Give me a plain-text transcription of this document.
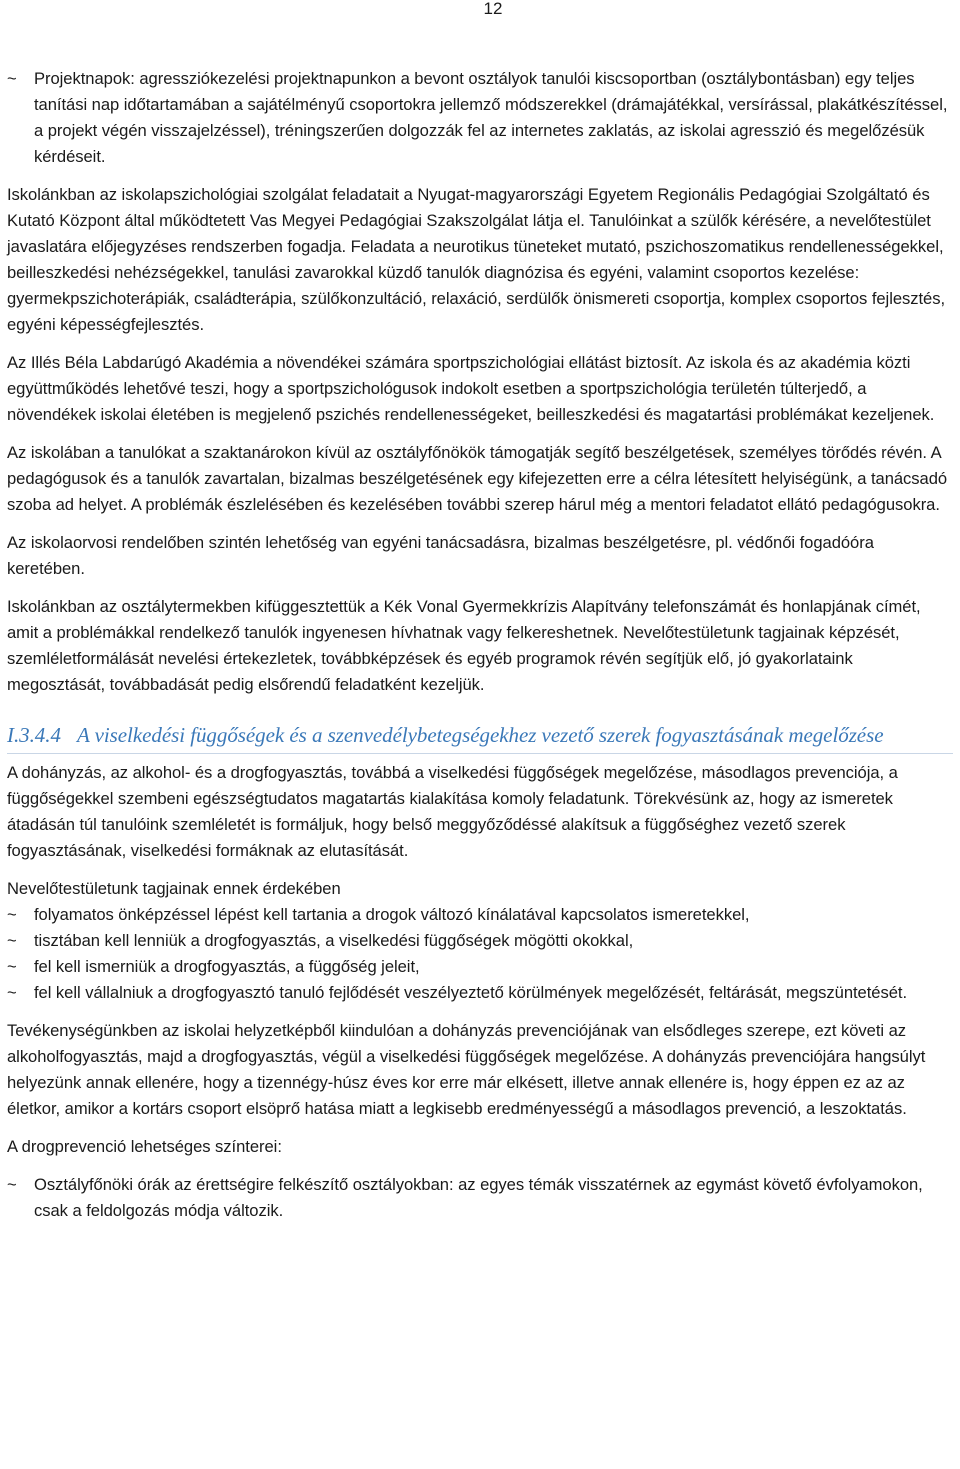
12

~ Projektnapok: agressziókezelési projektnapunkon a bevont osztályok tanulói kiscsoportban (osztálybontásban) egy teljes tanítási nap időtartamában a sajátélményű csoportokra jellemző módszerekkel (drámajátékkal, versírással, plakátkészítéssel, a projekt végén visszajelzéssel), tréningszerűen dolgozzák fel az internetes zaklatás, az iskolai agresszió és megelőzésük kérdéseit.

Iskolánkban az iskolapszichológiai szolgálat feladatait a Nyugat-magyarországi Egyetem Regionális Pedagógiai Szolgáltató és Kutató Központ által működtetett Vas Megyei Pedagógiai Szakszolgálat látja el. Tanulóinkat a szülők kérésére, a nevelőtestület javaslatára előjegyzéses rendszerben fogadja. Feladata a neurotikus tüneteket mutató, pszichoszomatikus rendellenességekkel, beilleszkedési nehézségekkel, tanulási zavarokkal küzdő tanulók diagnózisa és egyéni, valamint csoportos kezelése: gyermekpszichoterápiák, családterápia, szülőkonzultáció, relaxáció, serdülők önismereti csoportja, komplex csoportos fejlesztés, egyéni képességfejlesztés.

Az Illés Béla Labdarúgó Akadémia a növendékei számára sportpszichológiai ellátást biztosít. Az iskola és az akadémia közti együttműködés lehetővé teszi, hogy a sportpszichológusok indokolt esetben a sportpszichológia területén túlterjedő, a növendékek iskolai életében is megjelenő pszichés rendellenességeket, beilleszkedési és magatartási problémákat kezeljenek.

Az iskolában a tanulókat a szaktanárokon kívül az osztályfőnökök támogatják segítő beszélgetések, személyes törődés révén. A pedagógusok és a tanulók zavartalan, bizalmas beszélgetésének egy kifejezetten erre a célra létesített helyiségünk, a tanácsadó szoba ad helyet. A problémák észlelésében és kezelésében további szerep hárul még a mentori feladatot ellátó pedagógusokra.

Az iskolaorvosi rendelőben szintén lehetőség van egyéni tanácsadásra, bizalmas beszélgetésre, pl. védőnői fogadóóra keretében.

Iskolánkban az osztálytermekben kifüggesztettük a Kék Vonal Gyermekkrízis Alapítvány telefonszámát és honlapjának címét, amit a problémákkal rendelkező tanulók ingyenesen hívhatnak vagy felkereshetnek. Nevelőtestületunk tagjainak képzését, szemléletformálását nevelési értekezletek, továbbképzések és egyéb programok révén segítjük elő, jó gyakorlataink megosztását, továbbadását pedig elsőrendű feladatként kezeljük.

I.3.4.4 A viselkedési függőségek és a szenvedélybetegségekhez vezető szerek fogyasztásának megelőzése

A dohányzás, az alkohol- és a drogfogyasztás, továbbá a viselkedési függőségek megelőzése, másodlagos prevenciója, a függőségekkel szembeni egészségtudatos magatartás kialakítása komoly feladatunk. Törekvésünk az, hogy az ismeretek átadásán túl tanulóink szemléletét is formáljuk, hogy belső meggyőződéssé alakítsuk a függőséghez vezető szerek fogyasztásának, viselkedési formáknak az elutasítását.

Nevelőtestületunk tagjainak ennek érdekében

~ folyamatos önképzéssel lépést kell tartania a drogok változó kínálatával kapcsolatos ismeretekkel,

~ tisztában kell lenniük a drogfogyasztás, a viselkedési függőségek mögötti okokkal,

~ fel kell ismerniük a drogfogyasztás, a függőség jeleit,

~ fel kell vállalniuk a drogfogyasztó tanuló fejlődését veszélyeztető körülmények megelőzését, feltárását, megszüntetését.

Tevékenységünkben az iskolai helyzetképből kiindulóan a dohányzás prevenciójának van elsődleges szerepe, ezt követi az alkoholfogyasztás, majd a drogfogyasztás, végül a viselkedési függőségek megelőzése. A dohányzás prevenciójára hangsúlyt helyezünk annak ellenére, hogy a tizennégy-húsz éves kor erre már elkésett, illetve annak ellenére is, hogy éppen ez az az életkor, amikor a kortárs csoport elsöprő hatása miatt a legkisebb eredményességű a másodlagos prevenció, a leszoktatás.

A drogprevenció lehetséges színterei:

~ Osztályfőnöki órák az érettségire felkészítő osztályokban: az egyes témák visszatérnek az egymást követő évfolyamokon, csak a feldolgozás módja változik.
